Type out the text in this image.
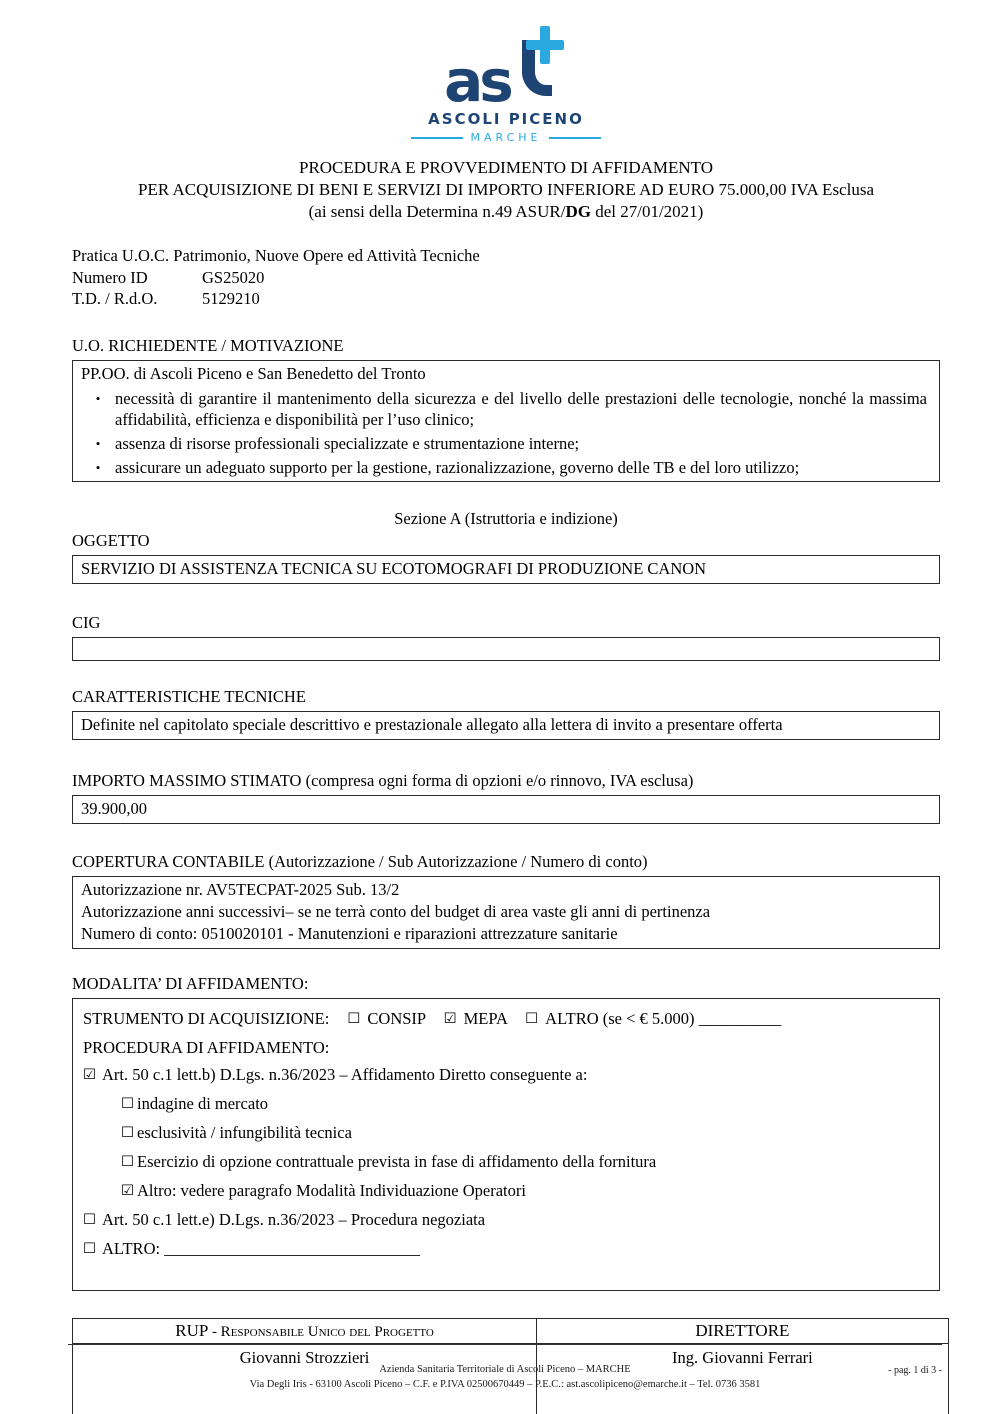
as
ASCOLI PICENO
MARCHE
PROCEDURA E PROVVEDIMENTO DI AFFIDAMENTO
PER ACQUISIZIONE DI BENI E SERVIZI DI IMPORTO INFERIORE AD EURO 75.000,00 IVA Esclusa
(ai sensi della Determina n.49 ASUR/DG del 27/01/2021)
Pratica U.O.C. Patrimonio, Nuove Opere ed Attività Tecniche
Numero ID	GS25020
T.D. / R.d.O.	5129210
U.O. RICHIEDENTE / MOTIVAZIONE
PP.OO. di Ascoli Piceno e San Benedetto del Tronto
• necessità di garantire il mantenimento della sicurezza e del livello delle prestazioni delle tecnologie, nonché la massima affidabilità, efficienza e disponibilità per l’uso clinico;
• assenza di risorse professionali specializzate e strumentazione interne;
• assicurare un adeguato supporto per la gestione, razionalizzazione, governo delle TB e del loro utilizzo;
Sezione A (Istruttoria e indizione)
OGGETTO
SERVIZIO DI ASSISTENZA TECNICA SU ECOTOMOGRAFI DI PRODUZIONE CANON
CIG
CARATTERISTICHE TECNICHE
Definite nel capitolato speciale descrittivo e prestazionale allegato alla lettera di invito a presentare offerta
IMPORTO MASSIMO STIMATO (compresa ogni forma di opzioni e/o rinnovo, IVA esclusa)
39.900,00
COPERTURA CONTABILE (Autorizzazione / Sub Autorizzazione / Numero di conto)
Autorizzazione nr. AV5TECPAT-2025 Sub. 13/2
Autorizzazione anni successivi– se ne terrà conto del budget di area vaste gli anni di pertinenza
Numero di conto: 0510020101 - Manutenzioni e riparazioni attrezzature sanitarie
MODALITA’ DI AFFIDAMENTO:
STRUMENTO DI ACQUISIZIONE: ☐ CONSIP ☑ MEPA ☐ ALTRO (se < € 5.000) __________
PROCEDURA DI AFFIDAMENTO:
☑ Art. 50 c.1 lett.b) D.Lgs. n.36/2023 – Affidamento Diretto conseguente a:
☐ indagine di mercato
☐ esclusività / infungibilità tecnica
☐ Esercizio di opzione contrattuale prevista in fase di affidamento della fornitura
☑ Altro: vedere paragrafo Modalità Individuazione Operatori
☐ Art. 50 c.1 lett.e) D.Lgs. n.36/2023 – Procedura negoziata
☐ ALTRO: _______________________________
RUP - Responsabile Unico del Progetto	DIRETTORE
Giovanni Strozzieri	Ing. Giovanni Ferrari
Azienda Sanitaria Territoriale di Ascoli Piceno – MARCHE
Via Degli Iris - 63100 Ascoli Piceno – C.F. e P.IVA 02500670449 – P.E.C.: ast.ascolipiceno@emarche.it – Tel. 0736 3581
- pag. 1 di 3 -
